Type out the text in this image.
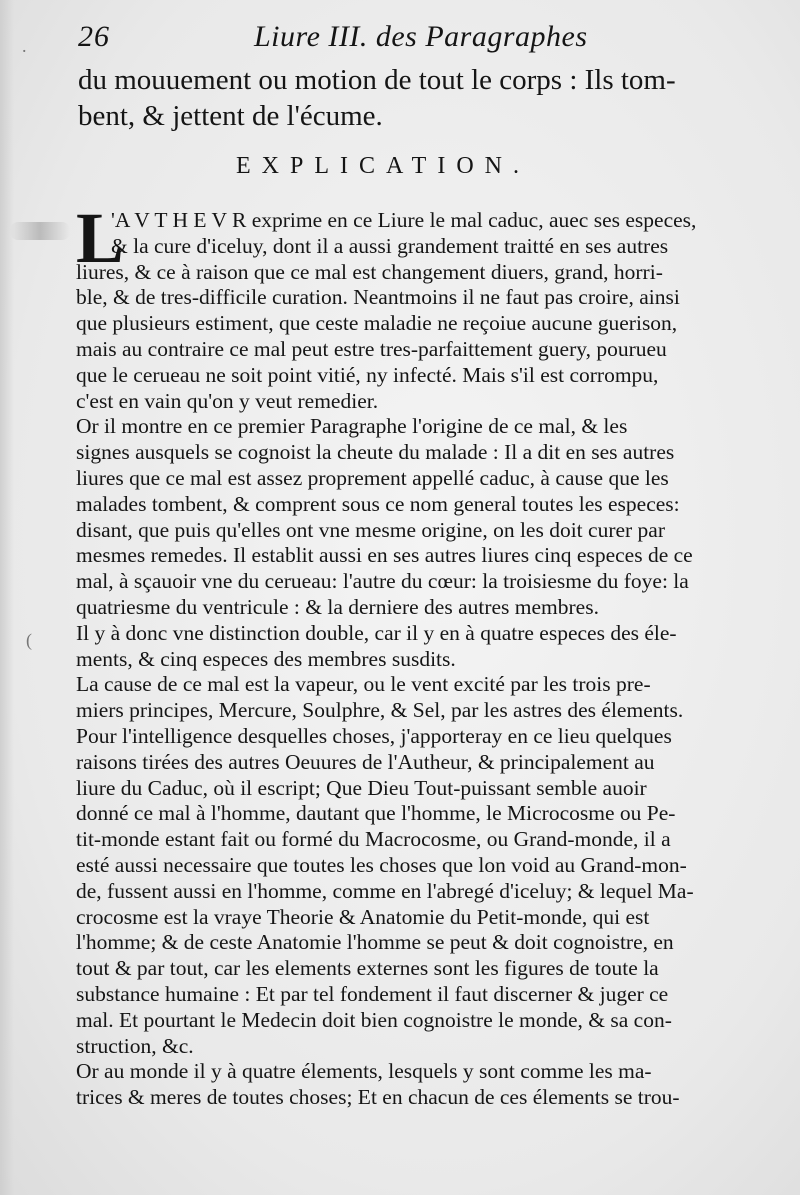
.
(
26	Liure III. des Paragraphes
du mouuement ou motion de tout le corps : Ils tom-
bent, & jettent de l'écume.
EXPLICATION.
L
'A V T H E V R exprime en ce Liure le mal caduc, auec ses especes,
& la cure d'iceluy, dont il a aussi grandement traitté en ses autres
liures, & ce à raison que ce mal est changement diuers, grand, horri-
ble, & de tres-difficile curation. Neantmoins il ne faut pas croire, ainsi
que plusieurs estiment, que ceste maladie ne reçoiue aucune guerison,
mais au contraire ce mal peut estre tres-parfaittement guery, pourueu
que le cerueau ne soit point vitié, ny infecté. Mais s'il est corrompu,
c'est en vain qu'on y veut remedier.
Or il montre en ce premier Paragraphe l'origine de ce mal, & les
signes ausquels se cognoist la cheute du malade : Il a dit en ses autres
liures que ce mal est assez proprement appellé caduc, à cause que les
malades tombent, & comprent sous ce nom general toutes les especes:
disant, que puis qu'elles ont vne mesme origine, on les doit curer par
mesmes remedes. Il establit aussi en ses autres liures cinq especes de ce
mal, à sçauoir vne du cerueau: l'autre du cœur: la troisiesme du foye: la
quatriesme du ventricule : & la derniere des autres membres.
Il y à donc vne distinction double, car il y en à quatre especes des éle-
ments, & cinq especes des membres susdits.
La cause de ce mal est la vapeur, ou le vent excité par les trois pre-
miers principes, Mercure, Soulphre, & Sel, par les astres des élements.
Pour l'intelligence desquelles choses, j'apporteray en ce lieu quelques
raisons tirées des autres Oeuures de l'Autheur, & principalement au
liure du Caduc, où il escript; Que Dieu Tout-puissant semble auoir
donné ce mal à l'homme, dautant que l'homme, le Microcosme ou Pe-
tit-monde estant fait ou formé du Macrocosme, ou Grand-monde, il a
esté aussi necessaire que toutes les choses que lon void au Grand-mon-
de, fussent aussi en l'homme, comme en l'abregé d'iceluy; & lequel Ma-
crocosme est la vraye Theorie & Anatomie du Petit-monde, qui est
l'homme; & de ceste Anatomie l'homme se peut & doit cognoistre, en
tout & par tout, car les elements externes sont les figures de toute la
substance humaine : Et par tel fondement il faut discerner & juger ce
mal. Et pourtant le Medecin doit bien cognoistre le monde, & sa con-
struction, &c.
Or au monde il y à quatre élements, lesquels y sont comme les ma-
trices & meres de toutes choses; Et en chacun de ces élements se trou-
